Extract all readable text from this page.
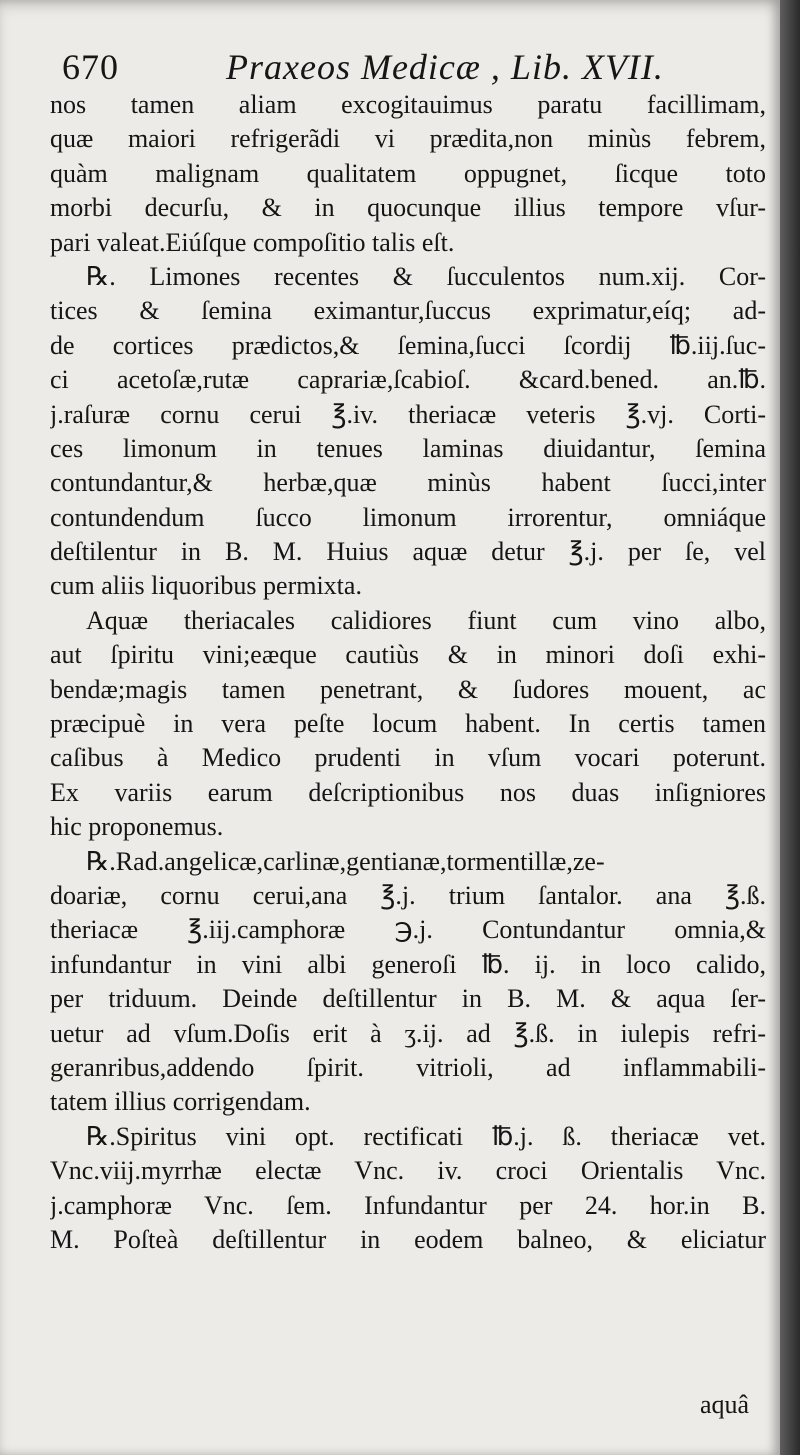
670	Praxeos Medicæ , Lib. XVII.
nos tamen aliam excogitauimus paratu facillimam,
quæ maiori refrigerãdi vi prædita,non minùs febrem,
quàm malignam qualitatem oppugnet, ſicque toto
morbi decurſu, & in quocunque illius tempore vſur-
pari valeat.Eiúſque compoſitio talis eſt.
℞. Limones recentes & ſucculentos num.xij. Cor-
tices & ſemina eximantur,ſuccus exprimatur,eíq; ad-
de cortices prædictos,& ſemina,ſucci ſcordij ℔.iij.ſuc-
ci acetoſæ,rutæ caprariæ,ſcabioſ. &card.bened. an.℔.
j.raſuræ cornu cerui ℥.iv. theriacæ veteris ℥.vj. Corti-
ces limonum in tenues laminas diuidantur, ſemina
contundantur,& herbæ,quæ minùs habent ſucci,inter
contundendum ſucco limonum irrorentur, omniáque
deſtilentur in B. M. Huius aquæ detur ℥.j. per ſe, vel
cum aliis liquoribus permixta.
Aquæ theriacales calidiores fiunt cum vino albo,
aut ſpiritu vini;eæque cautiùs & in minori doſi exhi-
bendæ;magis tamen penetrant, & ſudores mouent, ac
præcipuè in vera peſte locum habent. In certis tamen
caſibus à Medico prudenti in vſum vocari poterunt.
Ex variis earum deſcriptionibus nos duas inſigniores
hic proponemus.
℞.Rad.angelicæ,carlinæ,gentianæ,tormentillæ,ze-
doariæ, cornu cerui,ana ℥.j. trium ſantalor. ana ℥.ß.
theriacæ ℥.iij.camphoræ ℈.j. Contundantur omnia,&
infundantur in vini albi generoſi ℔. ij. in loco calido,
per triduum. Deinde deſtillentur in B. M. & aqua ſer-
uetur ad vſum.Doſis erit à ʒ.ij. ad ℥.ß. in iulepis refri-
geranribus,addendo ſpirit. vitrioli, ad inflammabili-
tatem illius corrigendam.
℞.Spiritus vini opt. rectificati ℔.j. ß. theriacæ vet.
Vnc.viij.myrrhæ electæ Vnc. iv. croci Orientalis Vnc.
j.camphoræ Vnc. ſem. Infundantur per 24. hor.in B.
M. Poſteà deſtillentur in eodem balneo, & eliciatur
aquâ
